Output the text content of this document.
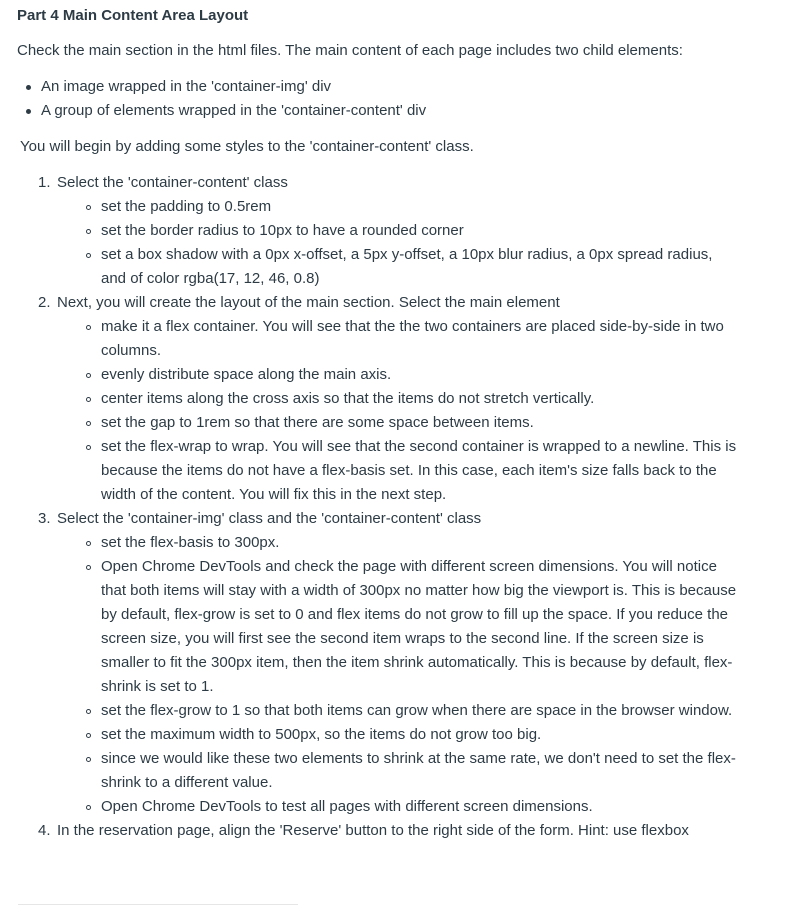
Part 4 Main Content Area Layout

Check the main section in the html files. The main content of each page includes two child elements:

An image wrapped in the 'container-img' div
A group of elements wrapped in the 'container-content' div

You will begin by adding some styles to the 'container-content' class.

1. Select the 'container-content' class
set the padding to 0.5rem
set the border radius to 10px to have a rounded corner
set a box shadow with a 0px x-offset, a 5px y-offset, a 10px blur radius, a 0px spread radius, and of color rgba(17, 12, 46, 0.8)
2. Next, you will create the layout of the main section. Select the main element
make it a flex container. You will see that the the two containers are placed side-by-side in two columns.
evenly distribute space along the main axis.
center items along the cross axis so that the items do not stretch vertically.
set the gap to 1rem so that there are some space between items.
set the flex-wrap to wrap. You will see that the second container is wrapped to a newline. This is because the items do not have a flex-basis set. In this case, each item's size falls back to the width of the content. You will fix this in the next step.
3. Select the 'container-img' class and the 'container-content' class
set the flex-basis to 300px.
Open Chrome DevTools and check the page with different screen dimensions. You will notice that both items will stay with a width of 300px no matter how big the viewport is. This is because by default, flex-grow is set to 0 and flex items do not grow to fill up the space. If you reduce the screen size, you will first see the second item wraps to the second line. If the screen size is smaller to fit the 300px item, then the item shrink automatically. This is because by default, flex-shrink is set to 1.
set the flex-grow to 1 so that both items can grow when there are space in the browser window.
set the maximum width to 500px, so the items do not grow too big.
since we would like these two elements to shrink at the same rate, we don't need to set the flex-shrink to a different value.
Open Chrome DevTools to test all pages with different screen dimensions.
4. In the reservation page, align the 'Reserve' button to the right side of the form. Hint: use flexbox
